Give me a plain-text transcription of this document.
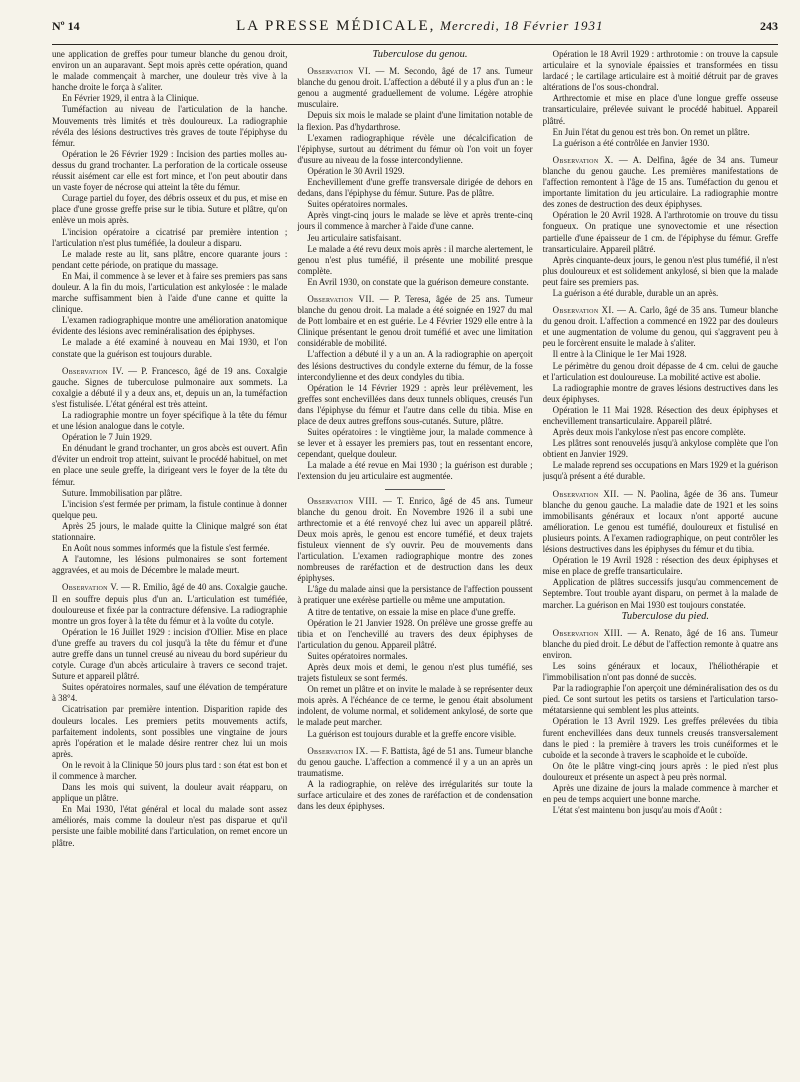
Nº 14	LA PRESSE MÉDICALE, Mercredi, 18 Février 1931	243

une application de greffes pour tumeur blanche du genou droit, environ un an auparavant. Sept mois après cette opération, quand le malade commençait à marcher, une douleur très vive à la hanche droite le força à s'aliter.

En Février 1929, il entra à la Clinique.

Tuméfaction au niveau de l'articulation de la hanche. Mouvements très limités et très douloureux. La radiographie révéla des lésions destructives très graves de toute l'épiphyse du fémur.

Opération le 26 Février 1929 : Incision des parties molles au-dessus du grand trochanter. La perforation de la corticale osseuse réussit aisément car elle est fort mince, et l'on peut aboutir dans un vaste foyer de nécrose qui atteint la tête du fémur.

Curage partiel du foyer, des débris osseux et du pus, et mise en place d'une grosse greffe prise sur le tibia. Suture et plâtre, qu'on enlève un mois après.

L'incision opératoire a cicatrisé par première intention ; l'articulation n'est plus tuméfiée, la douleur a disparu.

Le malade reste au lit, sans plâtre, encore quarante jours : pendant cette période, on pratique du massage.

En Mai, il commence à se lever et à faire ses premiers pas sans douleur. A la fin du mois, l'articulation est ankylosée : le malade marche suffisamment bien à l'aide d'une canne et quitte la clinique.

L'examen radiographique montre une amélioration anatomique évidente des lésions avec reminéralisation des épiphyses.

Le malade a été examiné à nouveau en Mai 1930, et l'on constate que la guérison est toujours durable.

Observation IV. — P. Francesco, âgé de 19 ans. Coxalgie gauche. Signes de tuberculose pulmonaire aux sommets. La coxalgie a débuté il y a deux ans, et, depuis un an, la tuméfaction s'est fistulisée. L'état général est très atteint.

La radiographie montre un foyer spécifique à la tête du fémur et une lésion analogue dans le cotyle.

Opération le 7 Juin 1929.

En dénudant le grand trochanter, un gros abcès est ouvert. Afin d'éviter un endroit trop atteint, suivant le procédé habituel, on met en place une seule greffe, la dirigeant vers le foyer de la tête du fémur.

Suture. Immobilisation par plâtre.

L'incision s'est fermée per primam, la fistule continue à donner quelque peu.

Après 25 jours, le malade quitte la Clinique malgré son état stationnaire.

En Août nous sommes informés que la fistule s'est fermée.

A l'automne, les lésions pulmonaires se sont fortement aggravées, et au mois de Décembre le malade meurt.

Observation V. — R. Emilio, âgé de 40 ans. Coxalgie gauche. Il en souffre depuis plus d'un an. L'articulation est tuméfiée, douloureuse et fixée par la contracture défensive. La radiographie montre un gros foyer à la tête du fémur et à la voûte du cotyle.

Opération le 16 Juillet 1929 : incision d'Ollier. Mise en place d'une greffe au travers du col jusqu'à la tête du fémur et d'une autre greffe dans un tunnel creusé au niveau du bord supérieur du cotyle. Curage d'un abcès articulaire à travers ce second trajet. Suture et appareil plâtré.

Suites opératoires normales, sauf une élévation de température à 38°4.

Cicatrisation par première intention. Disparition rapide des douleurs locales. Les premiers petits mouvements actifs, parfaitement indolents, sont possibles une vingtaine de jours après l'opération et le malade désire rentrer chez lui un mois après.

On le revoit à la Clinique 50 jours plus tard : son état est bon et il commence à marcher.

Dans les mois qui suivent, la douleur avait réapparu, on applique un plâtre.

En Mai 1930, l'état général et local du malade sont assez améliorés, mais comme la douleur n'est pas disparue et qu'il persiste une faible mobilité dans l'articulation, on remet encore un plâtre.

Tuberculose du genou.

Observation VI. — M. Secondo, âgé de 17 ans. Tumeur blanche du genou droit. L'affection a débuté il y a plus d'un an : le genou a augmenté graduellement de volume. Légère atrophie musculaire.

Depuis six mois le malade se plaint d'une limitation notable de la flexion. Pas d'hydarthrose.

L'examen radiographique révèle une décalcification de l'épiphyse, surtout au détriment du fémur où l'on voit un foyer d'usure au niveau de la fosse intercondylienne.

Opération le 30 Avril 1929.

Enchevillement d'une greffe transversale dirigée de dehors en dedans, dans l'épiphyse du fémur. Suture. Pas de plâtre.

Suites opératoires normales.

Après vingt-cinq jours le malade se lève et après trente-cinq jours il commence à marcher à l'aide d'une canne.

Jeu articulaire satisfaisant.

Le malade a été revu deux mois après : il marche alertement, le genou n'est plus tuméfié, il présente une mobilité presque complète.

En Avril 1930, on constate que la guérison demeure constante.

Observation VII. — P. Teresa, âgée de 25 ans. Tumeur blanche du genou droit. La malade a été soignée en 1927 du mal de Pott lombaire et en est guérie. Le 4 Février 1929 elle entre à la Clinique présentant le genou droit tuméfié et avec une limitation considérable de mobilité.

L'affection a débuté il y a un an. A la radiographie on aperçoit des lésions destructives du condyle externe du fémur, de la fosse intercondylienne et des deux condyles du tibia.

Opération le 14 Février 1929 : après leur prélèvement, les greffes sont enchevillées dans deux tunnels obliques, creusés l'un dans l'épiphyse du fémur et l'autre dans celle du tibia. Mise en place de deux autres greffons sous-cutanés. Suture, plâtre.

Suites opératoires : le vingtième jour, la malade commence à se lever et à essayer les premiers pas, tout en ressentant encore, cependant, quelque douleur.

La malade a été revue en Mai 1930 ; la guérison est durable ; l'extension du jeu articulaire est augmentée.

Observation VIII. — T. Enrico, âgé de 45 ans. Tumeur blanche du genou droit. En Novembre 1926 il a subi une arthrectomie et a été renvoyé chez lui avec un appareil plâtré. Deux mois après, le genou est encore tuméfié, et deux trajets fistuleux viennent de s'y ouvrir. Peu de mouvements dans l'articulation. L'examen radiographique montre des zones nombreuses de raréfaction et de destruction dans les deux épiphyses.

L'âge du malade ainsi que la persistance de l'affection poussent à pratiquer une exérèse partielle ou même une amputation.

A titre de tentative, on essaie la mise en place d'une greffe.

Opération le 21 Janvier 1928. On prélève une grosse greffe au tibia et on l'enchevillé au travers des deux épiphyses de l'articulation du genou. Appareil plâtré.

Suites opératoires normales.

Après deux mois et demi, le genou n'est plus tuméfié, ses trajets fistuleux se sont fermés.

On remet un plâtre et on invite le malade à se représenter deux mois après. A l'échéance de ce terme, le genou était absolument indolent, de volume normal, et solidement ankylosé, de sorte que le malade peut marcher.

La guérison est toujours durable et la greffe encore visible.

Observation IX. — F. Battista, âgé de 51 ans. Tumeur blanche du genou gauche. L'affection a commencé il y a un an après un traumatisme.

A la radiographie, on relève des irrégularités sur toute la surface articulaire et des zones de raréfaction et de condensation dans les deux épiphyses.

Opération le 18 Avril 1929 : arthrotomie : on trouve la capsule articulaire et la synoviale épaissies et transformées en tissu lardacé ; le cartilage articulaire est à moitié détruit par de graves altérations de l'os sous-chondral.

Arthrectomie et mise en place d'une longue greffe osseuse transarticulaire, prélevée suivant le procédé habituel. Appareil plâtré.

En Juin l'état du genou est très bon. On remet un plâtre.

La guérison a été contrôlée en Janvier 1930.

Observation X. — A. Delfina, âgée de 34 ans. Tumeur blanche du genou gauche. Les premières manifestations de l'affection remontent à l'âge de 15 ans. Tuméfaction du genou et importante limitation du jeu articulaire. La radiographie montre des zones de destruction des deux épiphyses.

Opération le 20 Avril 1928. A l'arthrotomie on trouve du tissu fongueux. On pratique une synovectomie et une résection partielle d'une épaisseur de 1 cm. de l'épiphyse du fémur. Greffe transarticulaire. Appareil plâtré.

Après cinquante-deux jours, le genou n'est plus tuméfié, il n'est plus douloureux et est solidement ankylosé, si bien que la malade peut faire ses premiers pas.

La guérison a été durable, durable un an après.

Observation XI. — A. Carlo, âgé de 35 ans. Tumeur blanche du genou droit. L'affection a commencé en 1922 par des douleurs et une augmentation de volume du genou, qui s'aggravent peu à peu le forcèrent ensuite le malade à s'aliter.

Il entre à la Clinique le 1er Mai 1928.

Le périmètre du genou droit dépasse de 4 cm. celui de gauche et l'articulation est douloureuse. La mobilité active est abolie.

La radiographie montre de graves lésions destructives dans les deux épiphyses.

Opération le 11 Mai 1928. Résection des deux épiphyses et enchevillement transarticulaire. Appareil plâtré.

Après deux mois l'ankylose n'est pas encore complète.

Les plâtres sont renouvelés jusqu'à ankylose complète que l'on obtient en Janvier 1929.

Le malade reprend ses occupations en Mars 1929 et la guérison jusqu'à présent a été durable.

Observation XII. — N. Paolina, âgée de 36 ans. Tumeur blanche du genou gauche. La maladie date de 1921 et les soins immobilisants généraux et locaux n'ont apporté aucune amélioration. Le genou est tuméfié, douloureux et fistulisé en plusieurs points. A l'examen radiographique, on peut contrôler les lésions destructives dans les épiphyses du fémur et du tibia.

Opération le 19 Avril 1928 : résection des deux épiphyses et mise en place de greffe transarticulaire.

Application de plâtres successifs jusqu'au commencement de Septembre. Tout trouble ayant disparu, on permet à la malade de marcher. La guérison en Mai 1930 est toujours constatée.

Tuberculose du pied.

Observation XIII. — A. Renato, âgé de 16 ans. Tumeur blanche du pied droit. Le début de l'affection remonte à quatre ans environ.

Les soins généraux et locaux, l'héliothérapie et l'immobilisation n'ont pas donné de succès.

Par la radiographie l'on aperçoit une déminéralisation des os du pied. Ce sont surtout les petits os tarsiens et l'articulation tarso-métatarsienne qui semblent les plus atteints.

Opération le 13 Avril 1929. Les greffes prélevées du tibia furent enchevillées dans deux tunnels creusés transversalement dans le pied : la première à travers les trois cunéiformes et le cuboïde et la seconde à travers le scaphoïde et le cuboïde.

On ôte le plâtre vingt-cinq jours après : le pied n'est plus douloureux et présente un aspect à peu près normal.

Après une dizaine de jours la malade commence à marcher et en peu de temps acquiert une bonne marche.

L'état s'est maintenu bon jusqu'au mois d'Août :
